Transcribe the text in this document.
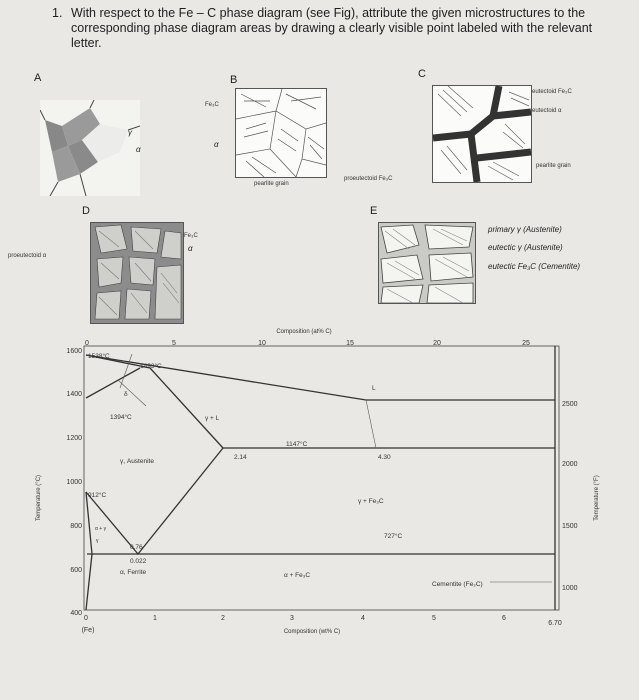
1. With respect to the Fe – C phase diagram (see Fig), attribute the given microstructures to the corresponding phase diagram areas by drawing a clearly visible point labeled with the relevant letter.
A
γ
α
B
Fe₃C
α
pearlite grain
C
eutectoid Fe₃C
eutectoid α
pearlite grain
proeutectoid Fe₃C
D
Fe₃C
α
proeutectoid α
E
primary γ (Austenite)
eutectic γ (Austenite)
eutectic Fe₃C (Cementite)
Composition (at% C)
Composition (wt% C)
Temperature (°C)	Temperature (°F)
0	5	10	15	20	25
0	1	2	3	4	5	6
6.70
(Fe)
1600
1400
1200
1000
800
600
400
2500
2000
1500
1000
1538°C
1493°C
δ
1394°C	γ + L
L
1147°C
2.14	4.30
γ, Austenite
912°C
γ + Fe₃C
727°C
0.76
0.022
α, Ferrite	α + Fe₃C
Cementite (Fe₃C)
α + γ
γ
